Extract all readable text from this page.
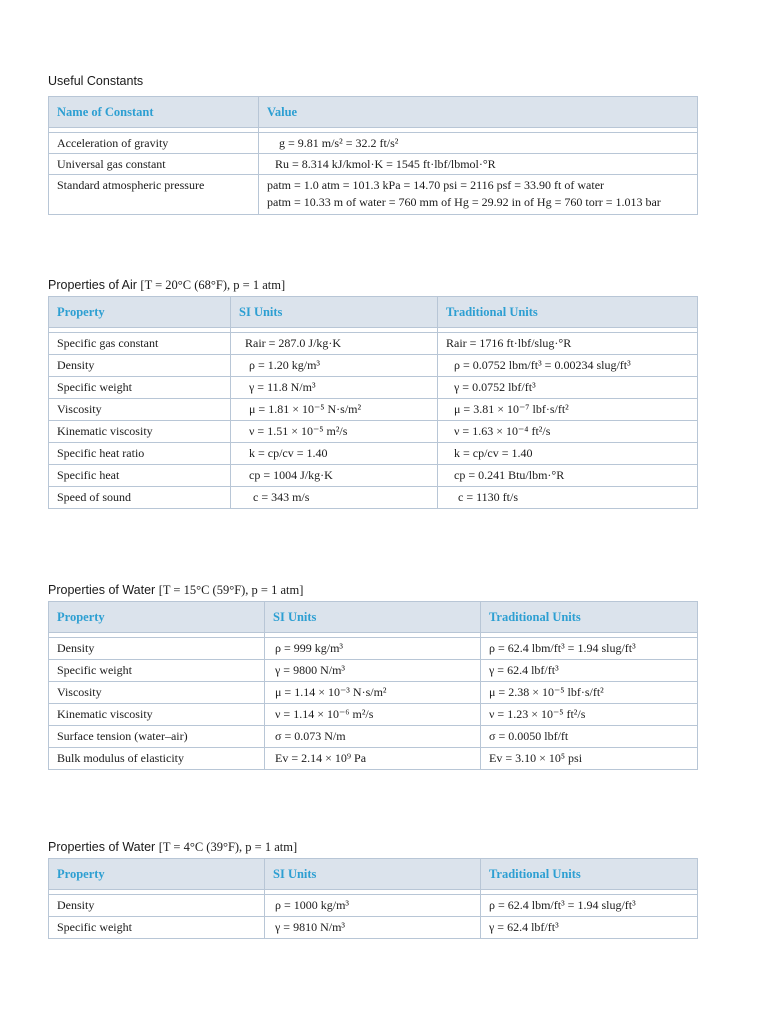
Useful Constants
Name of Constant	Value

Acceleration of gravity	g = 9.81 m/s² = 32.2 ft/s²
Universal gas constant	Ru = 8.314 kJ/kmol·K = 1545 ft·lbf/lbmol·°R
Standard atmospheric pressure	patm = 1.0 atm = 101.3 kPa = 14.70 psi = 2116 psf = 33.90 ft of water
patm = 10.33 m of water = 760 mm of Hg = 29.92 in of Hg = 760 torr = 1.013 bar
Properties of Air [T = 20°C (68°F), p = 1 atm]
Property	SI Units	Traditional Units

Specific gas constant	Rair = 287.0 J/kg·K	Rair = 1716 ft·lbf/slug·°R
Density	ρ = 1.20 kg/m³	ρ = 0.0752 lbm/ft³ = 0.00234 slug/ft³
Specific weight	γ = 11.8 N/m³	γ = 0.0752 lbf/ft³
Viscosity	μ = 1.81 × 10⁻⁵ N·s/m²	μ = 3.81 × 10⁻⁷ lbf·s/ft²
Kinematic viscosity	ν = 1.51 × 10⁻⁵ m²/s	ν = 1.63 × 10⁻⁴ ft²/s
Specific heat ratio	k = cp/cv = 1.40	k = cp/cv = 1.40
Specific heat	cp = 1004 J/kg·K	cp = 0.241 Btu/lbm·°R
Speed of sound	c = 343 m/s	c = 1130 ft/s
Properties of Water [T = 15°C (59°F), p = 1 atm]
Property	SI Units	Traditional Units

Density	ρ = 999 kg/m³	ρ = 62.4 lbm/ft³ = 1.94 slug/ft³
Specific weight	γ = 9800 N/m³	γ = 62.4 lbf/ft³
Viscosity	μ = 1.14 × 10⁻³ N·s/m²	μ = 2.38 × 10⁻⁵ lbf·s/ft²
Kinematic viscosity	ν = 1.14 × 10⁻⁶ m²/s	ν = 1.23 × 10⁻⁵ ft²/s
Surface tension (water–air)	σ = 0.073 N/m	σ = 0.0050 lbf/ft
Bulk modulus of elasticity	Ev = 2.14 × 10⁹ Pa	Ev = 3.10 × 10⁵ psi
Properties of Water [T = 4°C (39°F), p = 1 atm]
Property	SI Units	Traditional Units

Density	ρ = 1000 kg/m³	ρ = 62.4 lbm/ft³ = 1.94 slug/ft³
Specific weight	γ = 9810 N/m³	γ = 62.4 lbf/ft³
